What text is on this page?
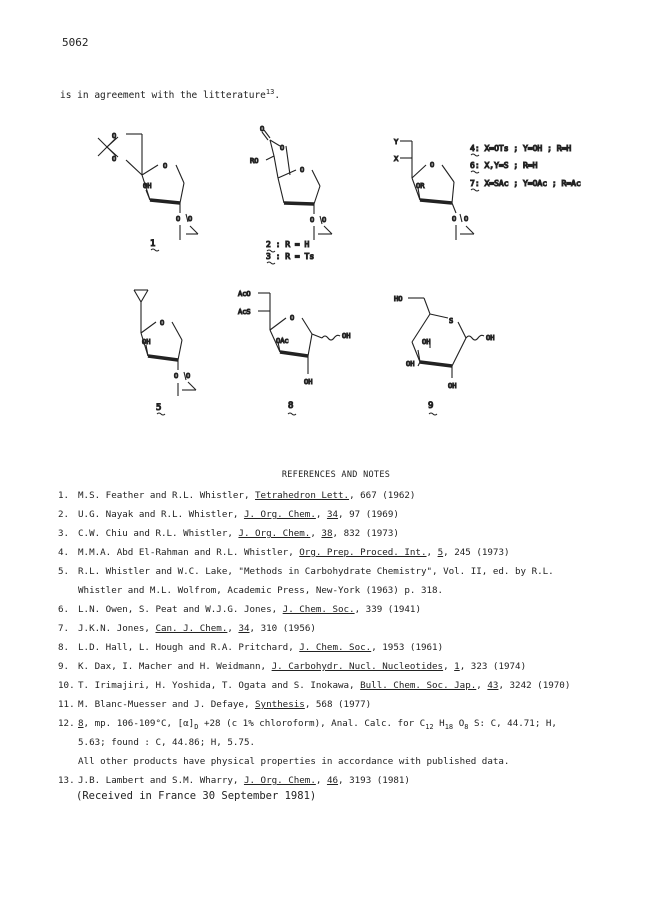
5062
is in agreement with the litterature$^{13}$.
O
O
O
OH
O O
1
O
O
RO
O
O O
2 : R = H
3 : R = Ts
Y
X
O
OR
O O
4: X=OTs ; Y=OH ; R=H
6: X,Y=S ; R=H
7: X=SAc ; Y=OAc ; R=Ac
O
OH
O O
5
AcO
AcS
O
OH
OAc
OH
8
HO
S
OH
OH
OH
OH
9
REFERENCES AND NOTES
1. M.S. Feather and R.L. Whistler, Tetrahedron Lett., 667 (1962)
2. U.G. Nayak and R.L. Whistler, J. Org. Chem., 34, 97 (1969)
3. C.W. Chiu and R.L. Whistler, J. Org. Chem., 38, 832 (1973)
4. M.M.A. Abd El-Rahman and R.L. Whistler, Org. Prep. Proced. Int., 5, 245 (1973)
5. R.L. Whistler and W.C. Lake, "Methods in Carbohydrate Chemistry", Vol. II, ed. by R.L.
Whistler and M.L. Wolfrom, Academic Press, New-York (1963) p. 318.
6. L.N. Owen, S. Peat and W.J.G. Jones, J. Chem. Soc., 339 (1941)
7. J.K.N. Jones, Can. J. Chem., 34, 310 (1956)
8. L.D. Hall, L. Hough and R.A. Pritchard, J. Chem. Soc., 1953 (1961)
9. K. Dax, I. Macher and H. Weidmann, J. Carbohydr. Nucl. Nucleotides, 1, 323 (1974)
10. T. Irimajiri, H. Yoshida, T. Ogata and S. Inokawa, Bull. Chem. Soc. Jap., 43, 3242 (1970)
11. M. Blanc-Muesser and J. Defaye, Synthesis, 568 (1977)
12. 8, mp. 106-109°C, $[\alpha]_D +28$ (c 1% chloroform), Anal. Calc. for $C_{12}$ $H_{18}$ $O_8$ S: C, 44.71; H,
5.63; found : C, 44.86; H, 5.75.
All other products have physical properties in accordance with published data.
13. J.B. Lambert and S.M. Wharry, J. Org. Chem., 46, 3193 (1981)
(Received in France 30 September 1981)
